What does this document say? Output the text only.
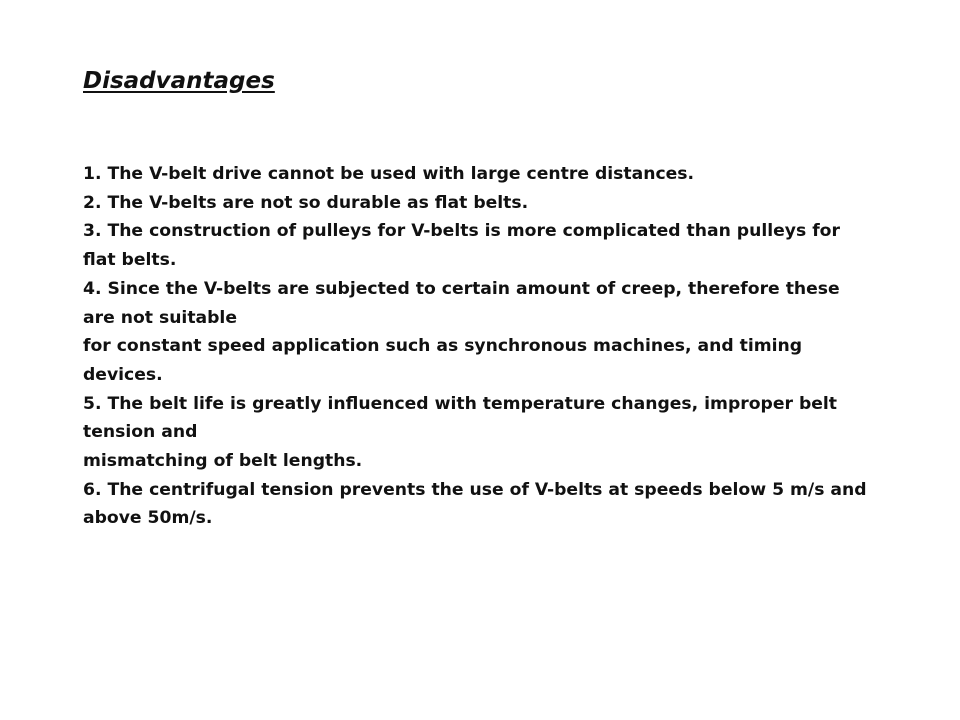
Disadvantages
1. The V-belt drive cannot be used with large centre distances.
2. The V-belts are not so durable as flat belts.
3. The construction of pulleys for V-belts is more complicated than pulleys for
flat belts.
4. Since the V-belts are subjected to certain amount of creep, therefore these
are not suitable
for constant speed application such as synchronous machines, and timing
devices.
5. The belt life is greatly influenced with temperature changes, improper belt
tension and
mismatching of belt lengths.
6. The centrifugal tension prevents the use of V-belts at speeds below 5 m/s and
above 50m/s.
